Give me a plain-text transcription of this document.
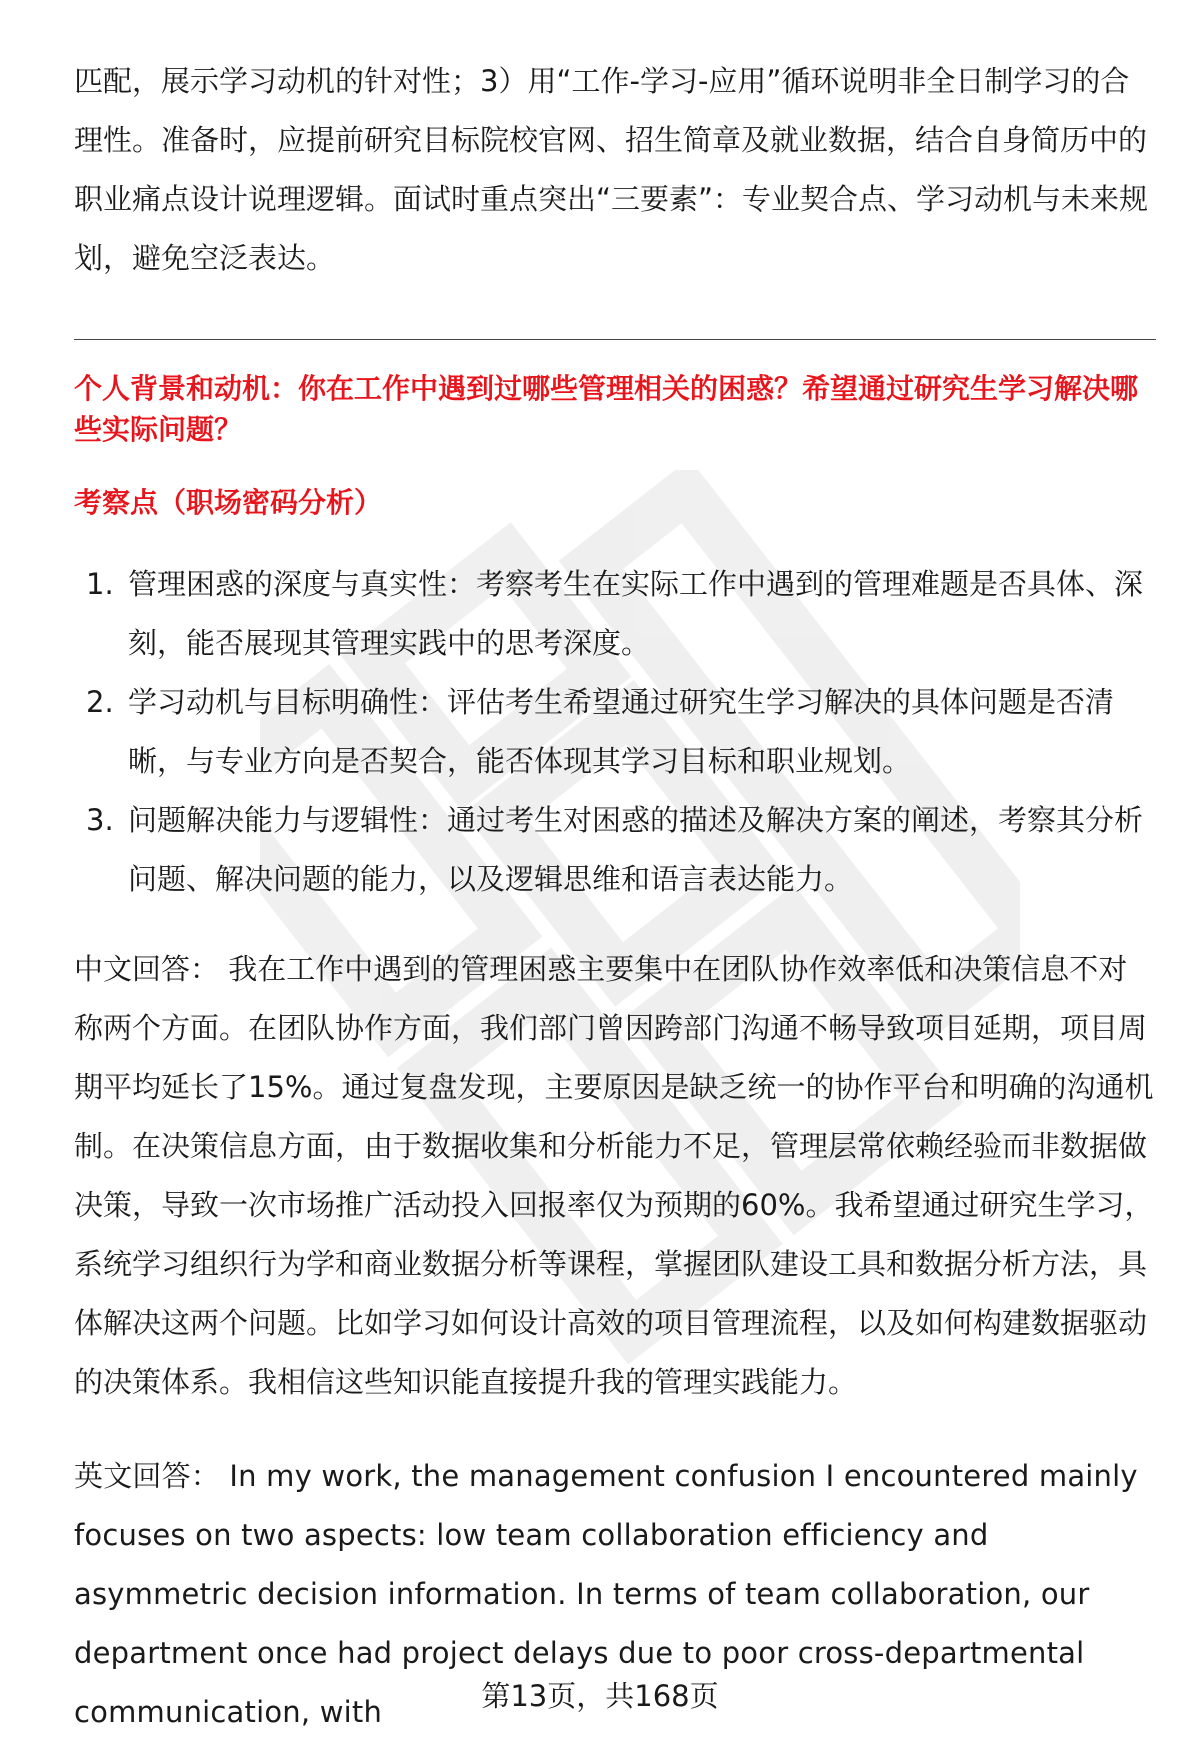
匹配，展示学习动机的针对性；3）用“工作-学习-应用”循环说明非全日制学习的合理性。准备时，应提前研究目标院校官网、招生简章及就业数据，结合自身简历中的职业痛点设计说理逻辑。面试时重点突出“三要素”：专业契合点、学习动机与未来规划，避免空泛表达。

个人背景和动机：你在工作中遇到过哪些管理相关的困惑？希望通过研究生学习解决哪些实际问题？

考察点（职场密码分析）

1. 管理困惑的深度与真实性：考察考生在实际工作中遇到的管理难题是否具体、深刻，能否展现其管理实践中的思考深度。
2. 学习动机与目标明确性：评估考生希望通过研究生学习解决的具体问题是否清晰，与专业方向是否契合，能否体现其学习目标和职业规划。
3. 问题解决能力与逻辑性：通过考生对困惑的描述及解决方案的阐述，考察其分析问题、解决问题的能力，以及逻辑思维和语言表达能力。

中文回答： 我在工作中遇到的管理困惑主要集中在团队协作效率低和决策信息不对称两个方面。在团队协作方面，我们部门曾因跨部门沟通不畅导致项目延期，项目周期平均延长了15%。通过复盘发现，主要原因是缺乏统一的协作平台和明确的沟通机制。在决策信息方面，由于数据收集和分析能力不足，管理层常依赖经验而非数据做决策，导致一次市场推广活动投入回报率仅为预期的60%。我希望通过研究生学习，系统学习组织行为学和商业数据分析等课程，掌握团队建设工具和数据分析方法，具体解决这两个问题。比如学习如何设计高效的项目管理流程，以及如何构建数据驱动的决策体系。我相信这些知识能直接提升我的管理实践能力。

英文回答： In my work, the management confusion I encountered mainly focuses on two aspects: low team collaboration efficiency and asymmetric decision information. In terms of team collaboration, our department once had project delays due to poor cross-departmental communication, with	第13页，共168页
